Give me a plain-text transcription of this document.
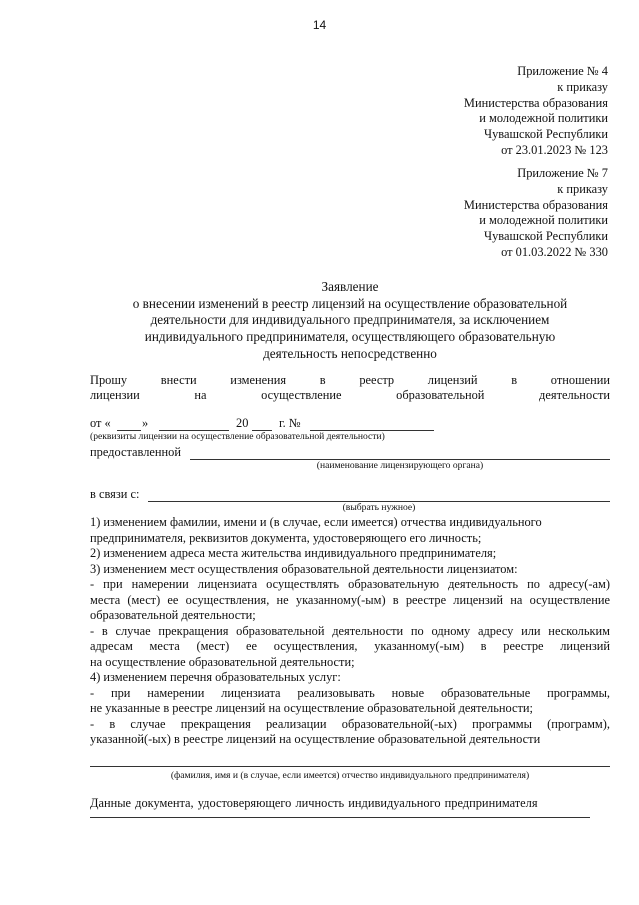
14
Приложение № 4
к приказу
Министерства образования
и молодежной политики
Чувашской Республики
от 23.01.2023 № 123
Приложение № 7
к приказу
Министерства образования
и молодежной политики
Чувашской Республики
от 01.03.2022 № 330
Заявление
о внесении изменений в реестр лицензий на осуществление образовательной
деятельности для индивидуального предпринимателя, за исключением
индивидуального предпринимателя, осуществляющего образовательную
деятельность непосредственно
Прошу внести изменения в реестр лицензий в отношении
лицензии на осуществление образовательной деятельности
от «	»	20 г. №
(реквизиты лицензии на осуществление образовательной деятельности)
предоставленной
(наименование лицензирующего органа)
в связи с:
(выбрать нужное)
1) изменением фамилии, имени и (в случае, если имеется) отчества индивидуального
предпринимателя, реквизитов документа, удостоверяющего его личность;
2) изменением адреса места жительства индивидуального предпринимателя;
3) изменением мест осуществления образовательной деятельности лицензиатом:
- при намерении лицензиата осуществлять образовательную деятельность по адресу(-ам)
места (мест) ее осуществления, не указанному(-ым) в реестре лицензий на осуществление
образовательной деятельности;
- в случае прекращения образовательной деятельности по одному адресу или нескольким
адресам места (мест) ее осуществления, указанному(-ым) в реестре лицензий
на осуществление образовательной деятельности;
4) изменением перечня образовательных услуг:
- при намерении лицензиата реализовывать новые образовательные программы,
не указанные в реестре лицензий на осуществление образовательной деятельности;
- в случае прекращения реализации образовательной(-ых) программы (программ),
указанной(-ых) в реестре лицензий на осуществление образовательной деятельности
(фамилия, имя и (в случае, если имеется) отчество индивидуального предпринимателя)
Данные документа, удостоверяющего личность индивидуального предпринимателя
